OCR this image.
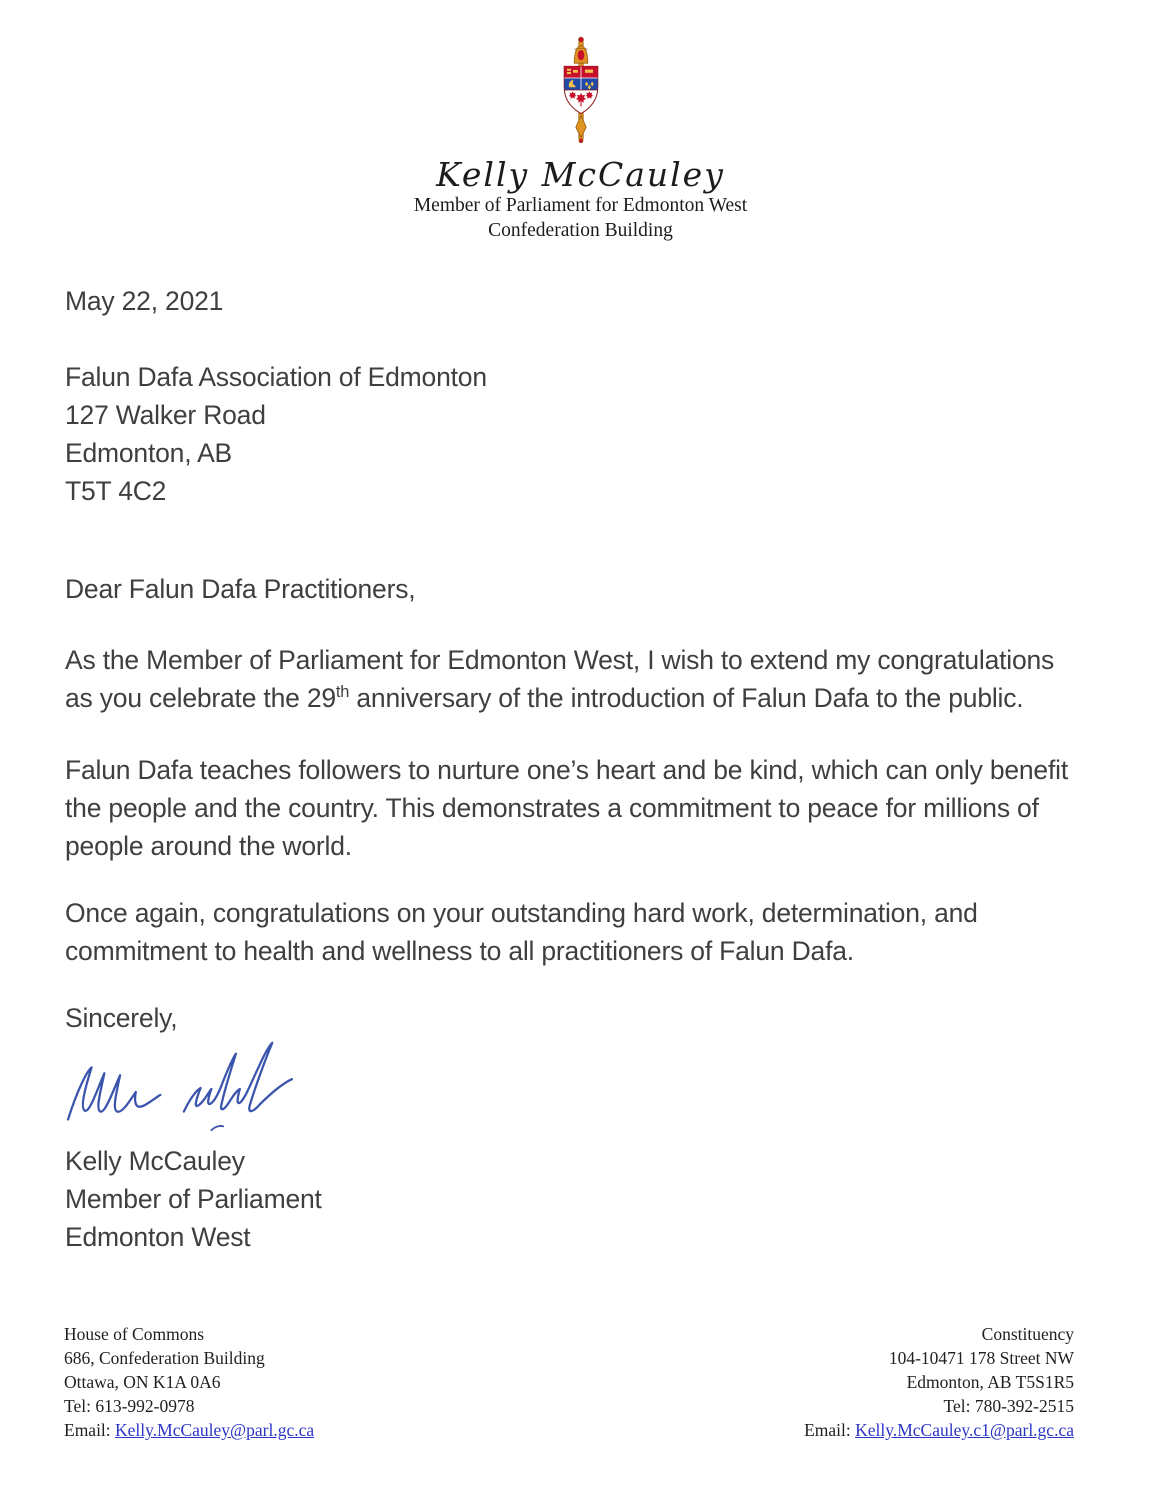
Kelly McCauley
Member of Parliament for Edmonton West
Confederation Building
May 22, 2021
Falun Dafa Association of Edmonton
127 Walker Road
Edmonton, AB
T5T 4C2
Dear Falun Dafa Practitioners,
As the Member of Parliament for Edmonton West, I wish to extend my congratulations
as you celebrate the 29th anniversary of the introduction of Falun Dafa to the public.
Falun Dafa teaches followers to nurture one’s heart and be kind, which can only benefit
the people and the country. This demonstrates a commitment to peace for millions of
people around the world.
Once again, congratulations on your outstanding hard work, determination, and
commitment to health and wellness to all practitioners of Falun Dafa.
Sincerely,
Kelly McCauley
Member of Parliament
Edmonton West
House of Commons
686, Confederation Building
Ottawa, ON K1A 0A6
Tel: 613-992-0978
Email: Kelly.McCauley@parl.gc.ca
Constituency
104-10471 178 Street NW
Edmonton, AB T5S1R5
Tel: 780-392-2515
Email: Kelly.McCauley.c1@parl.gc.ca
